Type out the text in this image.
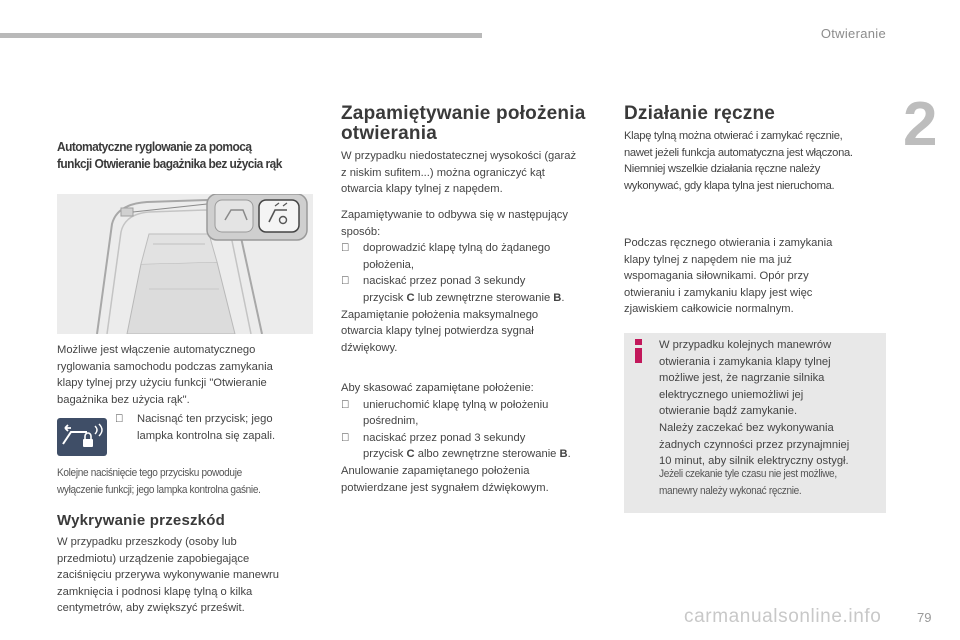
Otwieranie
2
Automatyczne ryglowanie za pomocą
funkcji Otwieranie bagażnika bez użycia rąk
Możliwe jest włączenie automatycznego
ryglowania samochodu podczas zamykania
klapy tylnej przy użyciu funkcji "Otwieranie
bagażnika bez użycia rąk".
Nacisnąć ten przycisk; jego
lampka kontrolna się zapali.
Kolejne naciśnięcie tego przycisku powoduje
wyłączenie funkcji; jego lampka kontrolna gaśnie.
Wykrywanie przeszkód
W przypadku przeszkody (osoby lub
przedmiotu) urządzenie zapobiegające
zaciśnięciu przerywa wykonywanie manewru
zamknięcia i podnosi klapę tylną o kilka
centymetrów, aby zwiększyć prześwit.
Zapamiętywanie położenia
otwierania
W przypadku niedostatecznej wysokości (garaż
z niskim sufitem...) można ograniczyć kąt
otwarcia klapy tylnej z napędem.
Zapamiętywanie to odbywa się w następujący
sposób:
doprowadzić klapę tylną do żądanego
położenia,
naciskać przez ponad 3 sekundy
przycisk C lub zewnętrzne sterowanie B.
Zapamiętanie położenia maksymalnego
otwarcia klapy tylnej potwierdza sygnał
dźwiękowy.
Aby skasować zapamiętane położenie:
unieruchomić klapę tylną w położeniu
pośrednim,
naciskać przez ponad 3 sekundy
przycisk C albo zewnętrzne sterowanie B.
Anulowanie zapamiętanego położenia
potwierdzane jest sygnałem dźwiękowym.
Działanie ręczne
Klapę tylną można otwierać i zamykać ręcznie,
nawet jeżeli funkcja automatyczna jest włączona.
Niemniej wszelkie działania ręczne należy
wykonywać, gdy klapa tylna jest nieruchoma.
Podczas ręcznego otwierania i zamykania
klapy tylnej z napędem nie ma już
wspomagania siłownikami. Opór przy
otwieraniu i zamykaniu klapy jest więc
zjawiskiem całkowicie normalnym.
W przypadku kolejnych manewrów
otwierania i zamykania klapy tylnej
możliwe jest, że nagrzanie silnika
elektrycznego uniemożliwi jej
otwieranie bądź zamykanie.
Należy zaczekać bez wykonywania
żadnych czynności przez przynajmniej
10 minut, aby silnik elektryczny ostygł.
Jeżeli czekanie tyle czasu nie jest możliwe,
manewry należy wykonać ręcznie.
carmanualsonline.info	79
